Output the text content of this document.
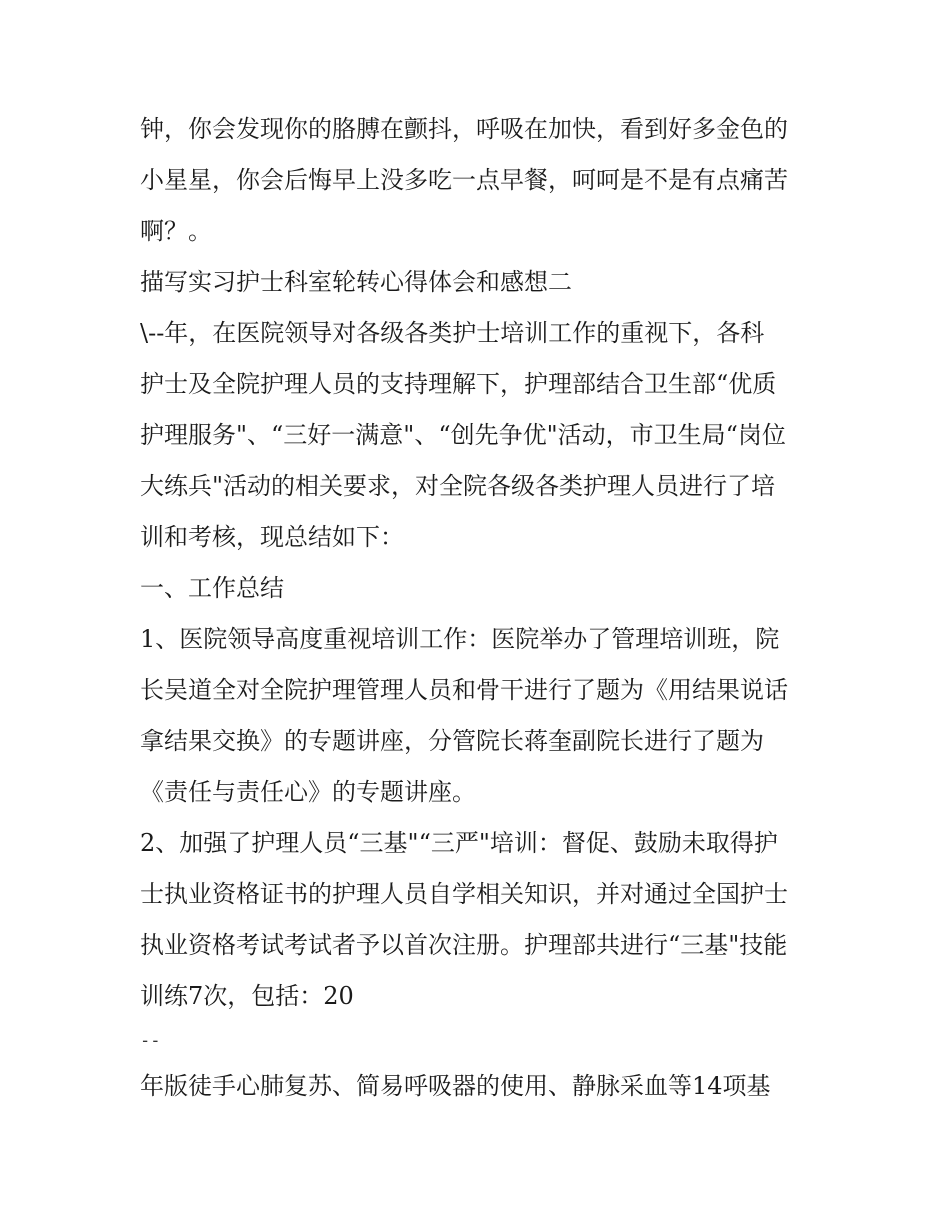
钟，你会发现你的胳膊在颤抖，呼吸在加快，看到好多金色的
小星星，你会后悔早上没多吃一点早餐，呵呵是不是有点痛苦
啊？。
描写实习护士科室轮转心得体会和感想二
\--年，在医院领导对各级各类护士培训工作的重视下，各科
护士及全院护理人员的支持理解下，护理部结合卫生部“优质
护理服务"、“三好一满意"、“创先争优"活动，市卫生局“岗位
大练兵"活动的相关要求，对全院各级各类护理人员进行了培
训和考核，现总结如下：
一、工作总结
1、医院领导高度重视培训工作：医院举办了管理培训班，院
长吴道全对全院护理管理人员和骨干进行了题为《用结果说话
拿结果交换》的专题讲座，分管院长蒋奎副院长进行了题为
《责任与责任心》的专题讲座。
2、加强了护理人员“三基"“三严"培训：督促、鼓励未取得护
士执业资格证书的护理人员自学相关知识，并对通过全国护士
执业资格考试考试者予以首次注册。护理部共进行“三基"技能
训练7次，包括：20
--
年版徒手心肺复苏、简易呼吸器的使用、静脉采血等14项基
